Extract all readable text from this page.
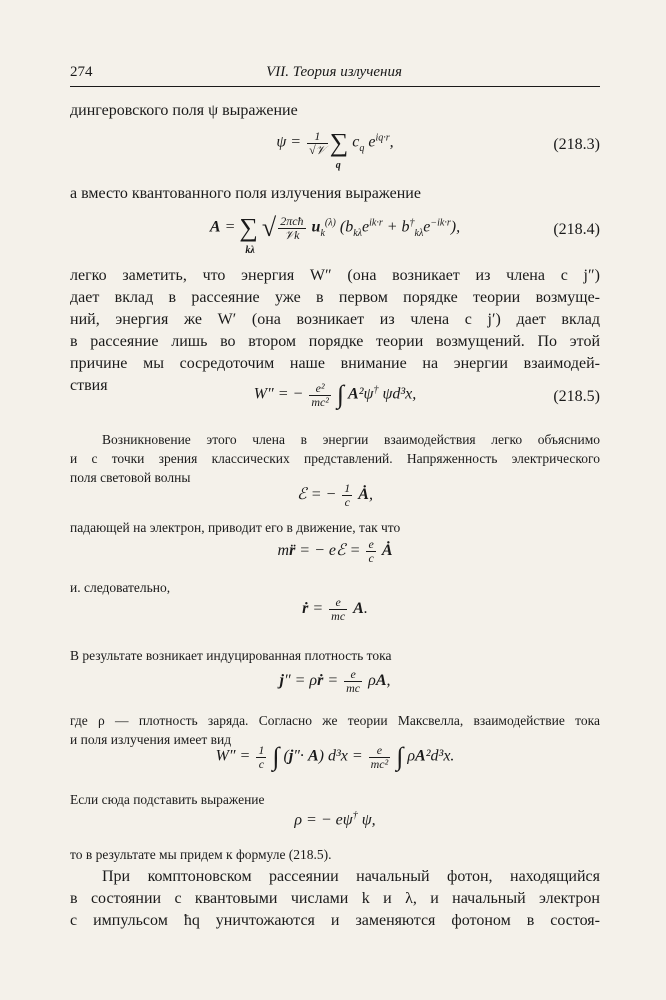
274	VII. Теория излучения

дингеровского поля ψ выражение

ψ = 1
√𝒱 ∑
q
$c_q$ $e^{iq\cdot r}$,	(218.3)

а вместо квантованного поля излучения выражение

A = ∑
kλ
√ 2πcħ
𝒱k $u_k^{(\lambda)}$ $(b_{k\lambda}e^{ik\cdot r} + b^\dagger_{k\lambda}e^{-ik\cdot r})$,	(218.4)

легко заметить, что энергия W″ (она возникает из члена с j″)

дает вклад в рассеяние уже в первом порядке теории возмуще-

ний, энергия же W′ (она возникает из члена с j′) дает вклад

в рассеяние лишь во втором порядке теории возмущений. По этой

причине мы сосредоточим наше внимание на энергии взаимодей-

ствия

W″ = − $\frac{\text{e²}}{\text{mc²}}$ ∫ A²ψ† ψd³x,	(218.5)

Возникновение этого члена в энергии взаимодействия легко объяснимо

и с точки зрения классических представлений. Напряженность электрического

поля световой волны

ℰ = − $\frac{1}{c}$ Ȧ,

падающей на электрон, приводит его в движение, так что

mr̈ = − eℰ = $\frac{e}{c}$ Ȧ

и. следовательно,

ṙ = $\frac{e}{mc} A$.

В результате возникает индуцированная плотность тока

j″ = ρṙ = $\frac{e}{mc} \rho A$,

где ρ — плотность заряда. Согласно же теории Максвелла, взаимодействие тока

и поля излучения имеет вид

$W'' = \frac{1}{c}$ ∫ (j″· A) $d^3x = \frac{e}{\text{mc²}}$ ∫ ρA²d³x.

Если сюда подставить выражение

ρ = − eψ† ψ,

то в результате мы придем к формуле (218.5).

При комптоновском рассеянии начальный фотон, находящийся

в состоянии с квантовыми числами k и λ, и начальный электрон

с импульсом ħq уничтожаются и заменяются фотоном в состоя-
